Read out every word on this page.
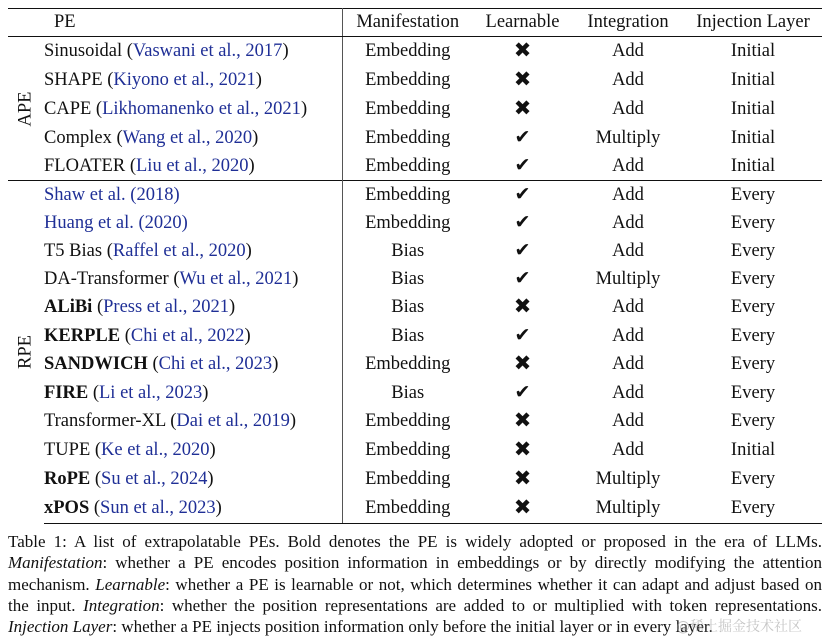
	PE	Manifestation	Learnable	Integration	Injection Layer

APE	Sinusoidal (Vaswani et al., 2017)	Embedding	✖	Add	Initial
	SHAPE (Kiyono et al., 2021)	Embedding	✖	Add	Initial
	CAPE (Likhomanenko et al., 2021)	Embedding	✖	Add	Initial
	Complex (Wang et al., 2020)	Embedding	✔	Multiply	Initial
	FLOATER (Liu et al., 2020)	Embedding	✔	Add	Initial

RPE	Shaw et al. (2018)	Embedding	✔	Add	Every
	Huang et al. (2020)	Embedding	✔	Add	Every
	T5 Bias (Raffel et al., 2020)	Bias	✔	Add	Every
	DA-Transformer (Wu et al., 2021)	Bias	✔	Multiply	Every
	ALiBi (Press et al., 2021)	Bias	✖	Add	Every
	KERPLE (Chi et al., 2022)	Bias	✔	Add	Every
	SANDWICH (Chi et al., 2023)	Embedding	✖	Add	Every
	FIRE (Li et al., 2023)	Bias	✔	Add	Every
	Transformer-XL (Dai et al., 2019)	Embedding	✖	Add	Every
	TUPE (Ke et al., 2020)	Embedding	✖	Add	Initial
	RoPE (Su et al., 2024)	Embedding	✖	Multiply	Every
	xPOS (Sun et al., 2023)	Embedding	✖	Multiply	Every
Table 1: A list of extrapolatable PEs. Bold denotes the PE is widely adopted or proposed in the era of LLMs. Manifestation: whether a PE encodes position information in embeddings or by directly modifying the attention mechanism. Learnable: whether a PE is learnable or not, which determines whether it can adapt and adjust based on the input. Integration: whether the position representations are added to or multiplied with token representations. Injection Layer: whether a PE injects position information only before the initial layer or in every layer.
@稀土掘金技术社区
